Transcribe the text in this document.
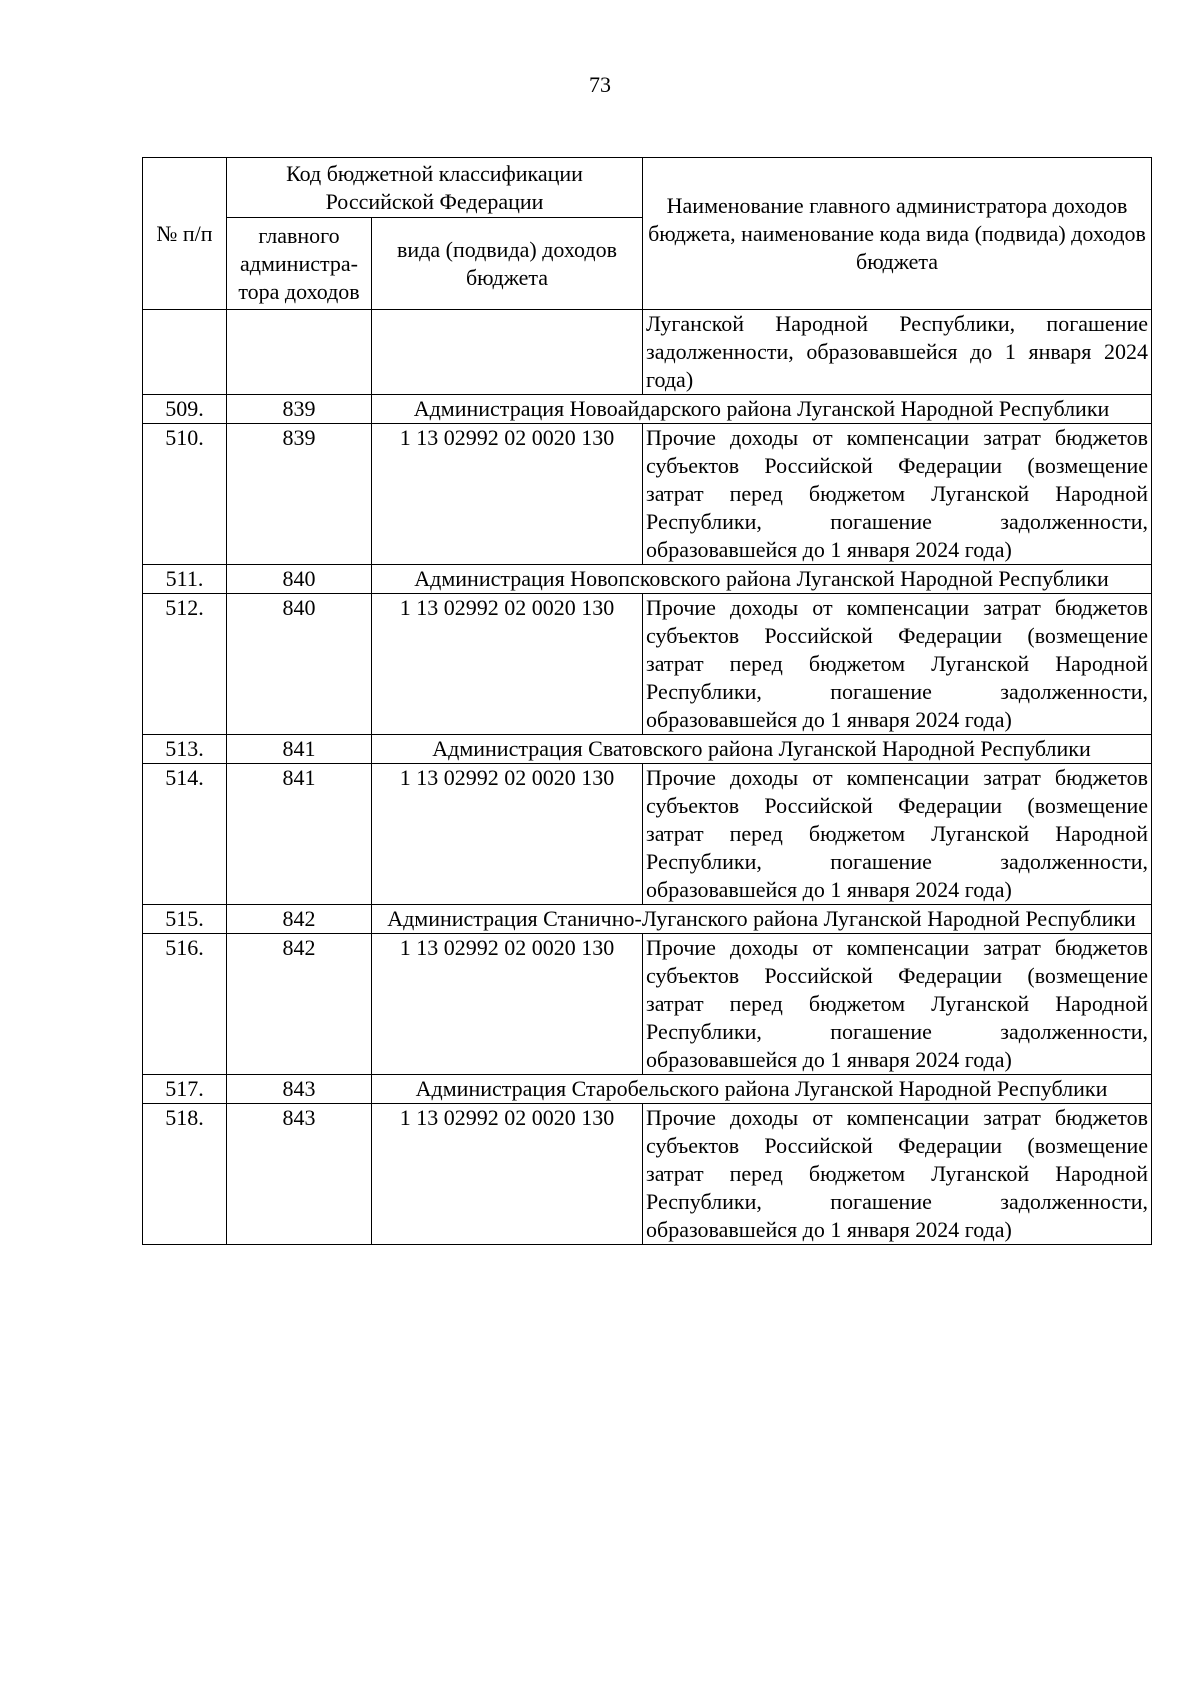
73
№ п/п	Код бюджетной классификации Российской Федерации		Наименование главного администратора доходов бюджета, наименование кода вида (подвида) доходов бюджета
	главного администра-тора доходов	вида (подвида) доходов бюджета	
			Луганской Народной Республики, погашение задолженности, образовавшейся до 1 января 2024 года)
509.	839	Администрация Новоайдарского района Луганской Народной Республики	
510.	839	1 13 02992 02 0020 130	Прочие доходы от компенсации затрат бюджетов субъектов Российской Федерации (возмещение затрат перед бюджетом Луганской Народной Республики, погашение задолженности, образовавшейся до 1 января 2024 года)
511.	840	Администрация Новопсковского района Луганской Народной Республики	
512.	840	1 13 02992 02 0020 130	Прочие доходы от компенсации затрат бюджетов субъектов Российской Федерации (возмещение затрат перед бюджетом Луганской Народной Республики, погашение задолженности, образовавшейся до 1 января 2024 года)
513.	841	Администрация Сватовского района Луганской Народной Республики	
514.	841	1 13 02992 02 0020 130	Прочие доходы от компенсации затрат бюджетов субъектов Российской Федерации (возмещение затрат перед бюджетом Луганской Народной Республики, погашение задолженности, образовавшейся до 1 января 2024 года)
515.	842	Администрация Станично-Луганского района Луганской Народной Республики	
516.	842	1 13 02992 02 0020 130	Прочие доходы от компенсации затрат бюджетов субъектов Российской Федерации (возмещение затрат перед бюджетом Луганской Народной Республики, погашение задолженности, образовавшейся до 1 января 2024 года)
517.	843	Администрация Старобельского района Луганской Народной Республики	
518.	843	1 13 02992 02 0020 130	Прочие доходы от компенсации затрат бюджетов субъектов Российской Федерации (возмещение затрат перед бюджетом Луганской Народной Республики, погашение задолженности, образовавшейся до 1 января 2024 года)
